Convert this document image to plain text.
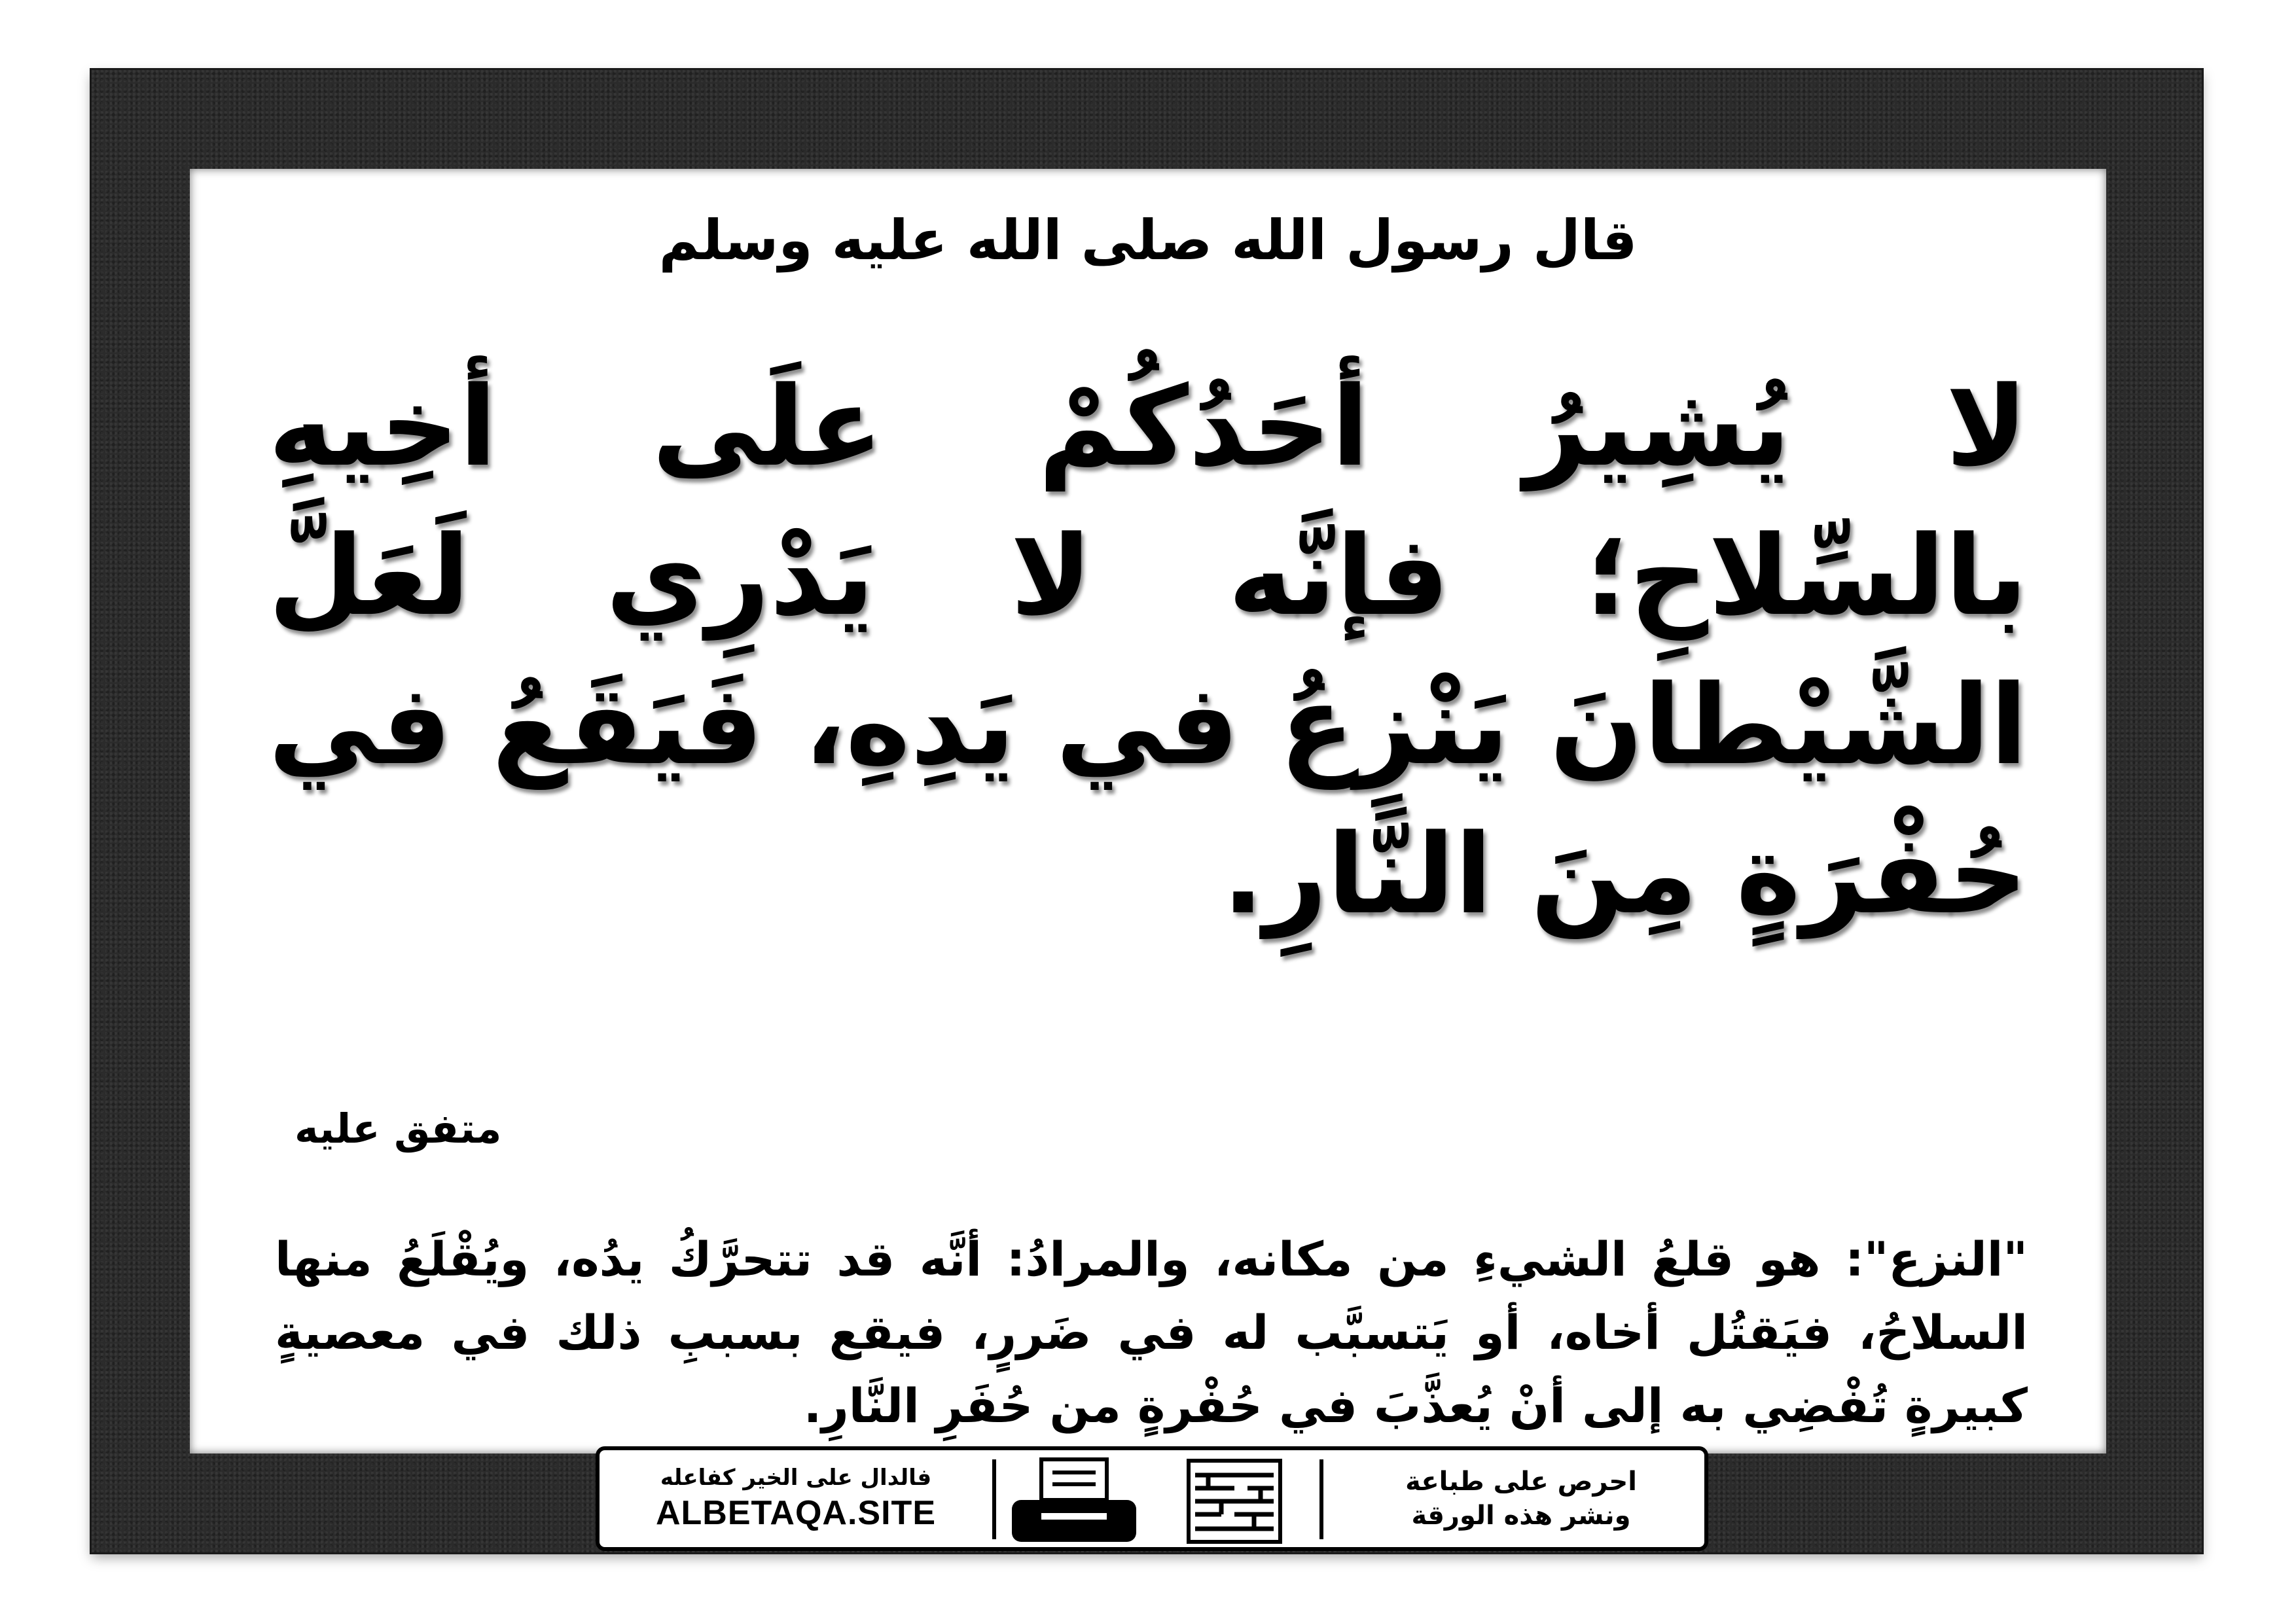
قال رسول الله صلى الله عليه وسلم
لا يُشِيرُ أحَدُكُمْ علَى أخِيهِ بالسِّلاحِ؛ فإنَّه لا يَدْرِي لَعَلَّ الشَّيْطانَ يَنْزِعُ في يَدِهِ، فَيَقَعُ في حُفْرَةٍ مِنَ النَّارِ.
متفق عليه
"النزع": هو قلعُ الشيءِ من مكانه، والمرادُ: أنَّه قد تتحرَّكُ يدُه، ويُقْلَعُ منها السلاحُ، فيَقتُل أخاه، أو يَتسبَّب له في ضَررٍ، فيقع بسببِ ذلك في معصيةٍ كبيرةٍ تُفْضِي به إلى أنْ يُعذَّبَ في حُفْرةٍ من حُفَرِ النَّارِ.
فالدال على الخير كفاعله
ALBETAQA.SITE
احرص على طباعة
ونشر هذه الورقة
